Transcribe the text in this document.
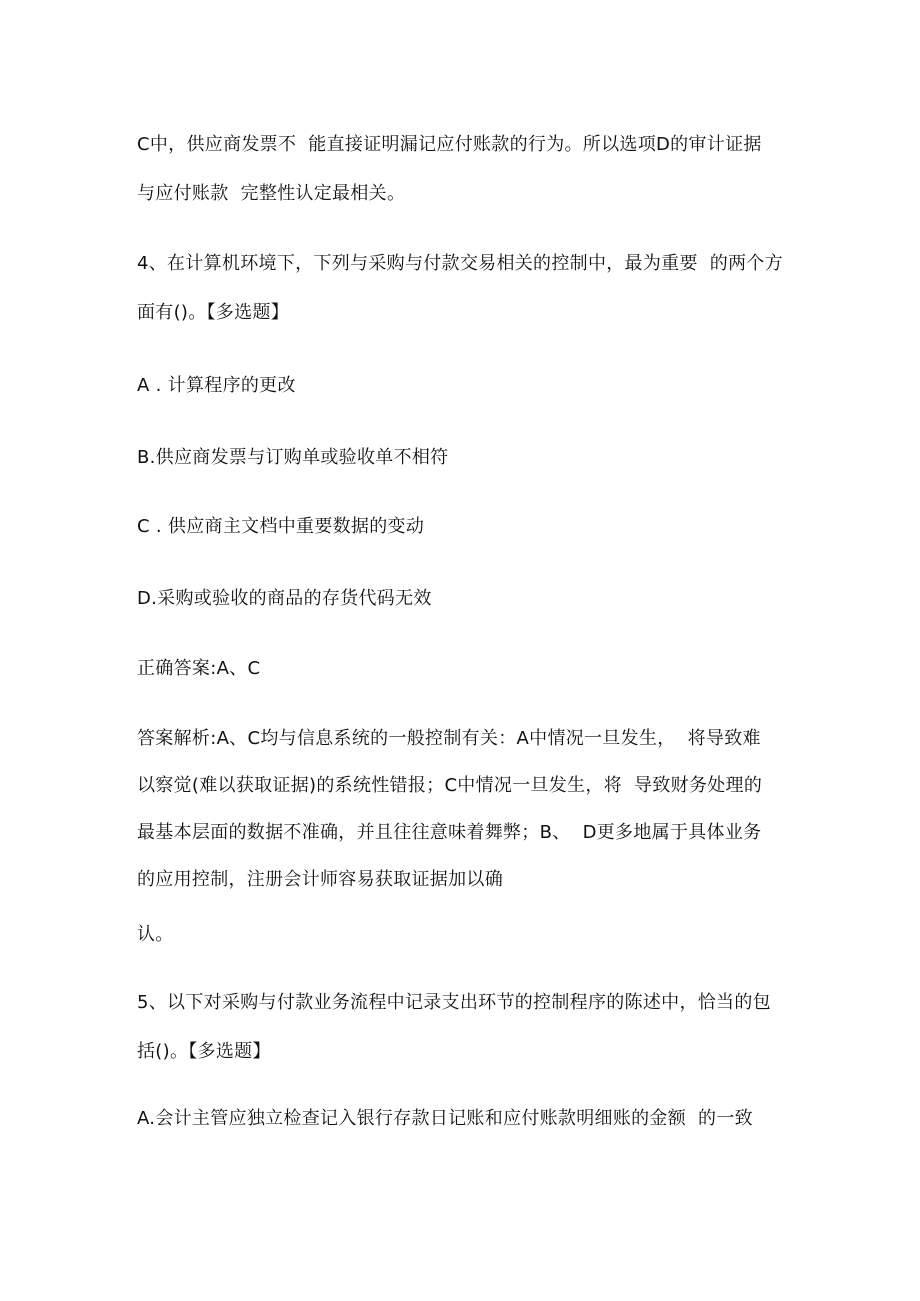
C中，供应商发票不  能直接证明漏记应付账款的行为。所以选项D的审计证据
与应付账款  完整性认定最相关。
4、在计算机环境下，下列与采购与付款交易相关的控制中，最为重要  的两个方
面有()。【多选题】
A . 计算程序的更改
B.供应商发票与订购单或验收单不相符
C . 供应商主文档中重要数据的变动
D.采购或验收的商品的存货代码无效
正确答案:A、C
答案解析:A、C均与信息系统的一般控制有关：A中情况一旦发生，  将导致难
以察觉(难以获取证据)的系统性错报；C中情况一旦发生，将  导致财务处理的
最基本层面的数据不准确，并且往往意味着舞弊；B、  D更多地属于具体业务
的应用控制，注册会计师容易获取证据加以确
认。
5、以下对采购与付款业务流程中记录支出环节的控制程序的陈述中，恰当的包
括()。【多选题】
A.会计主管应独立检查记入银行存款日记账和应付账款明细账的金额  的一致
